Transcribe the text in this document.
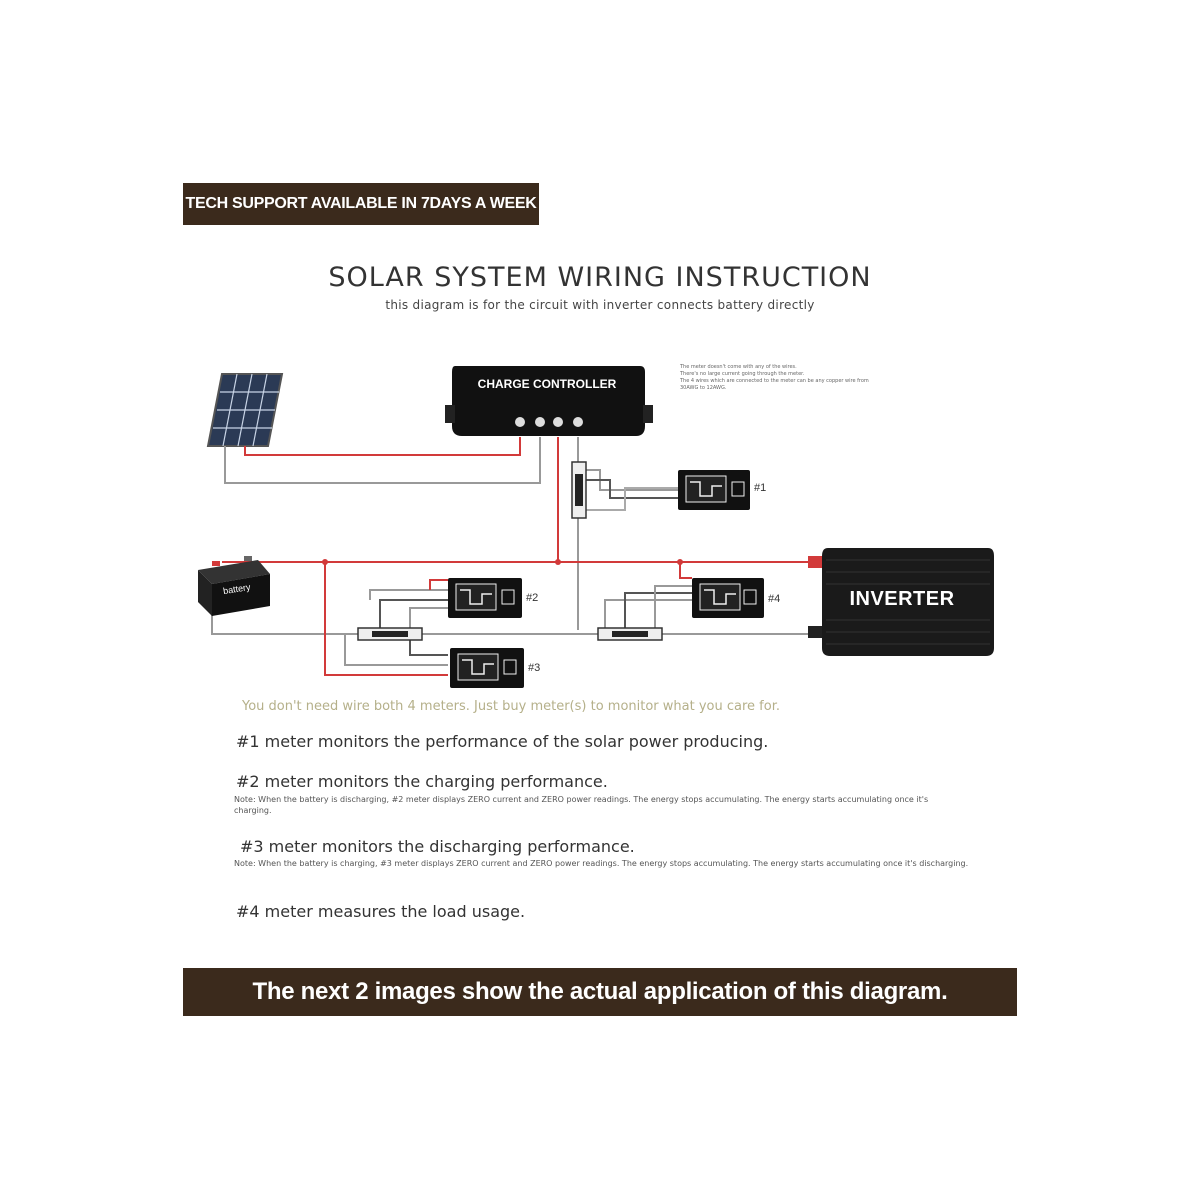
TECH SUPPORT AVAILABLE IN 7DAYS A WEEK
SOLAR SYSTEM WIRING INSTRUCTION
this diagram is for the circuit with inverter connects battery directly
CHARGE CONTROLLER
INVERTER
battery
#1
#2
#3
#4
The meter doesn't come with any of the wires.
There's no large current going through the meter.
The 4 wires which are connected to the meter can be any copper wire from
30AWG to 12AWG.
You don't need wire both 4 meters. Just buy meter(s) to monitor what you care for.
#1 meter monitors the performance of the solar power producing.
#2 meter monitors the charging performance.
Note: When the battery is discharging, #2 meter displays ZERO current and ZERO power readings. The energy stops accumulating. The energy starts accumulating once it's charging.
#3 meter monitors the discharging performance.
Note: When the battery is charging, #3 meter displays ZERO current and ZERO power readings. The energy stops accumulating. The energy starts accumulating once it's discharging.
#4 meter measures the load usage.
The next 2 images show the actual application of this diagram.
